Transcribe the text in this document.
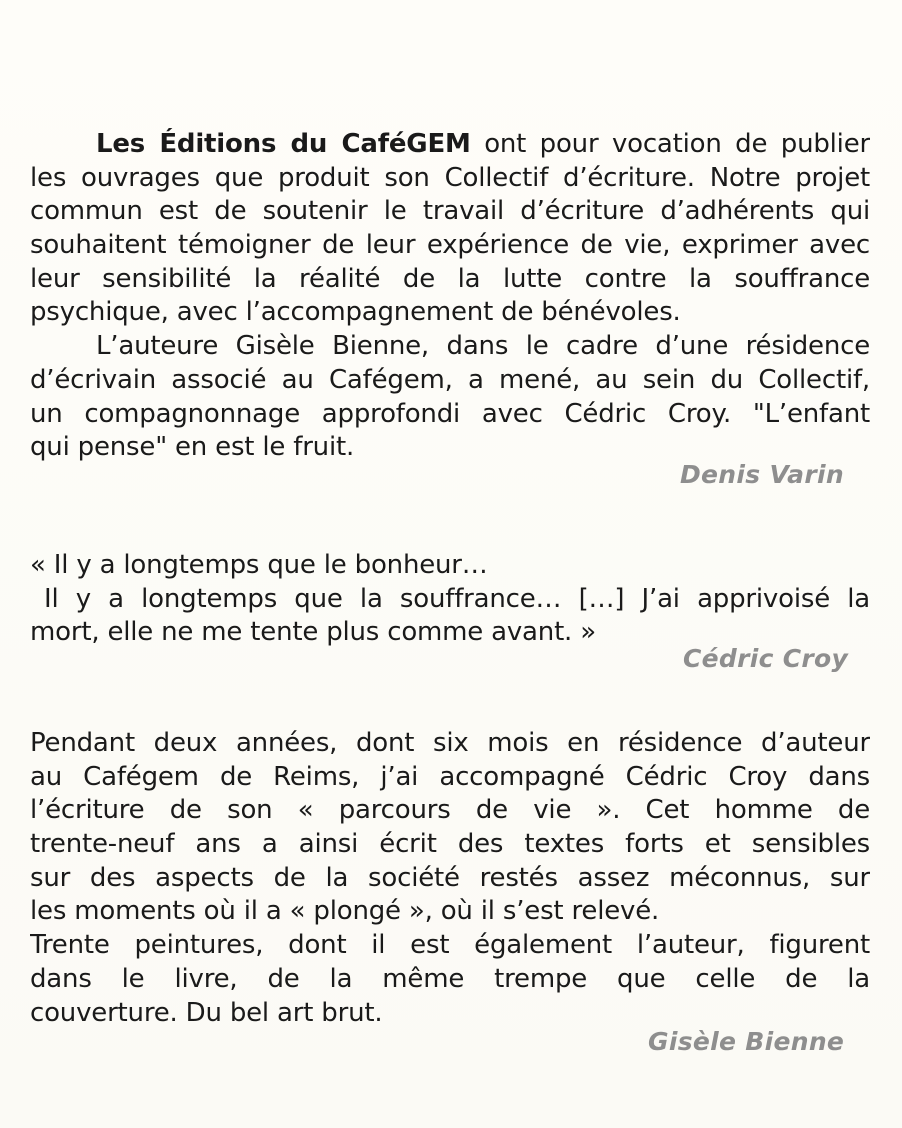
Les Éditions du CaféGEM ont pour vocation de publier
les ouvrages que produit son Collectif d’écriture. Notre projet
commun est de soutenir le travail d’écriture d’adhérents qui
souhaitent témoigner de leur expérience de vie, exprimer avec
leur sensibilité la réalité de la lutte contre la souffrance
psychique, avec l’accompagnement de bénévoles.
L’auteure Gisèle Bienne, dans le cadre d’une résidence
d’écrivain associé au Cafégem, a mené, au sein du Collectif,
un compagnonnage approfondi avec Cédric Croy. "L’enfant
qui pense" en est le fruit.
Denis Varin
« Il y a longtemps que le bonheur…
Il y a longtemps que la souffrance… […] J’ai apprivoisé la
mort, elle ne me tente plus comme avant. »
Cédric Croy
Pendant deux années, dont six mois en résidence d’auteur
au Cafégem de Reims, j’ai accompagné Cédric Croy dans
l’écriture de son « parcours de vie ». Cet homme de
trente-neuf ans a ainsi écrit des textes forts et sensibles
sur des aspects de la société restés assez méconnus, sur
les moments où il a « plongé », où il s’est relevé.
Trente peintures, dont il est également l’auteur, figurent
dans le livre, de la même trempe que celle de la
couverture. Du bel art brut.
Gisèle Bienne
